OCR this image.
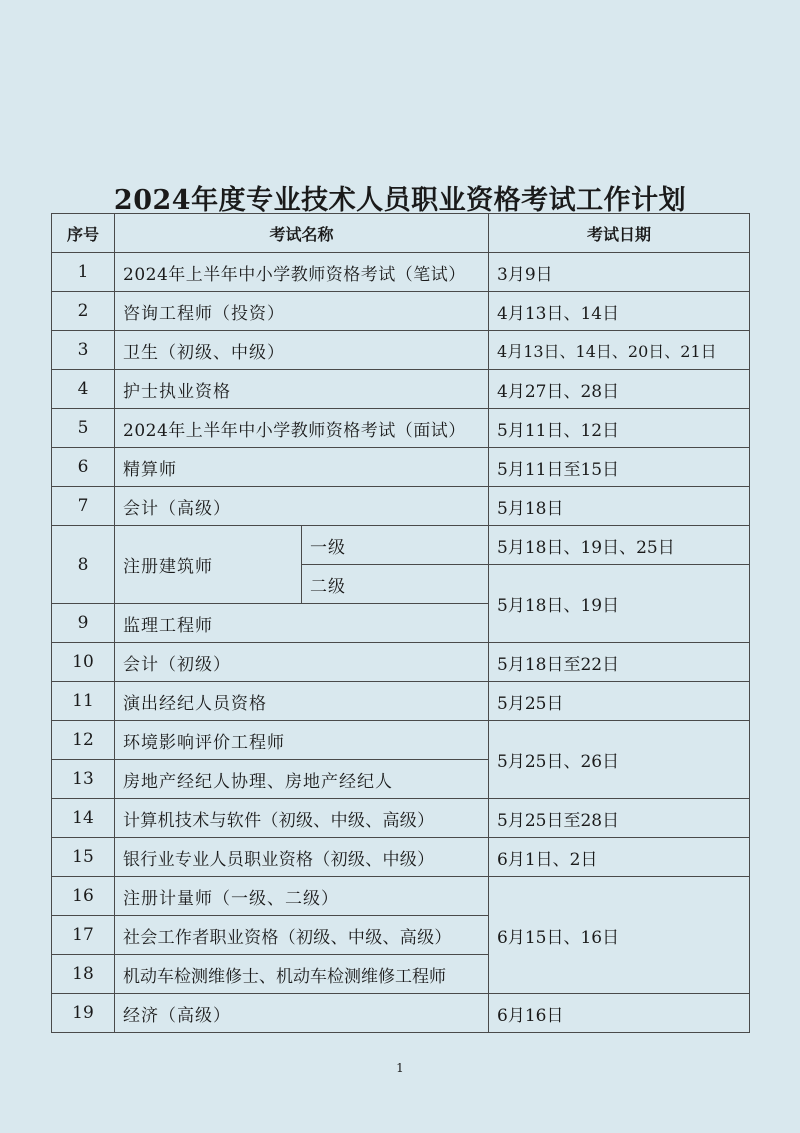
2024年度专业技术人员职业资格考试工作计划
序号	考试名称		考试日期
1	2024年上半年中小学教师资格考试（笔试）		3月9日
2	咨询工程师（投资）		4月13日、14日
3	卫生（初级、中级）		4月13日、14日、20日、21日
4	护士执业资格		4月27日、28日
5	2024年上半年中小学教师资格考试（面试）		5月11日、12日
6	精算师		5月11日至15日
7	会计（高级）		5月18日
8	注册建筑师	一级	5月18日、19日、25日
		二级	5月18日、19日
9	监理工程师		
10	会计（初级）		5月18日至22日
11	演出经纪人员资格		5月25日
12	环境影响评价工程师		5月25日、26日
13	房地产经纪人协理、房地产经纪人		
14	计算机技术与软件（初级、中级、高级）		5月25日至28日
15	银行业专业人员职业资格（初级、中级）		6月1日、2日
16	注册计量师（一级、二级）		6月15日、16日
17	社会工作者职业资格（初级、中级、高级）		
18	机动车检测维修士、机动车检测维修工程师		
19	经济（高级）		6月16日
1
